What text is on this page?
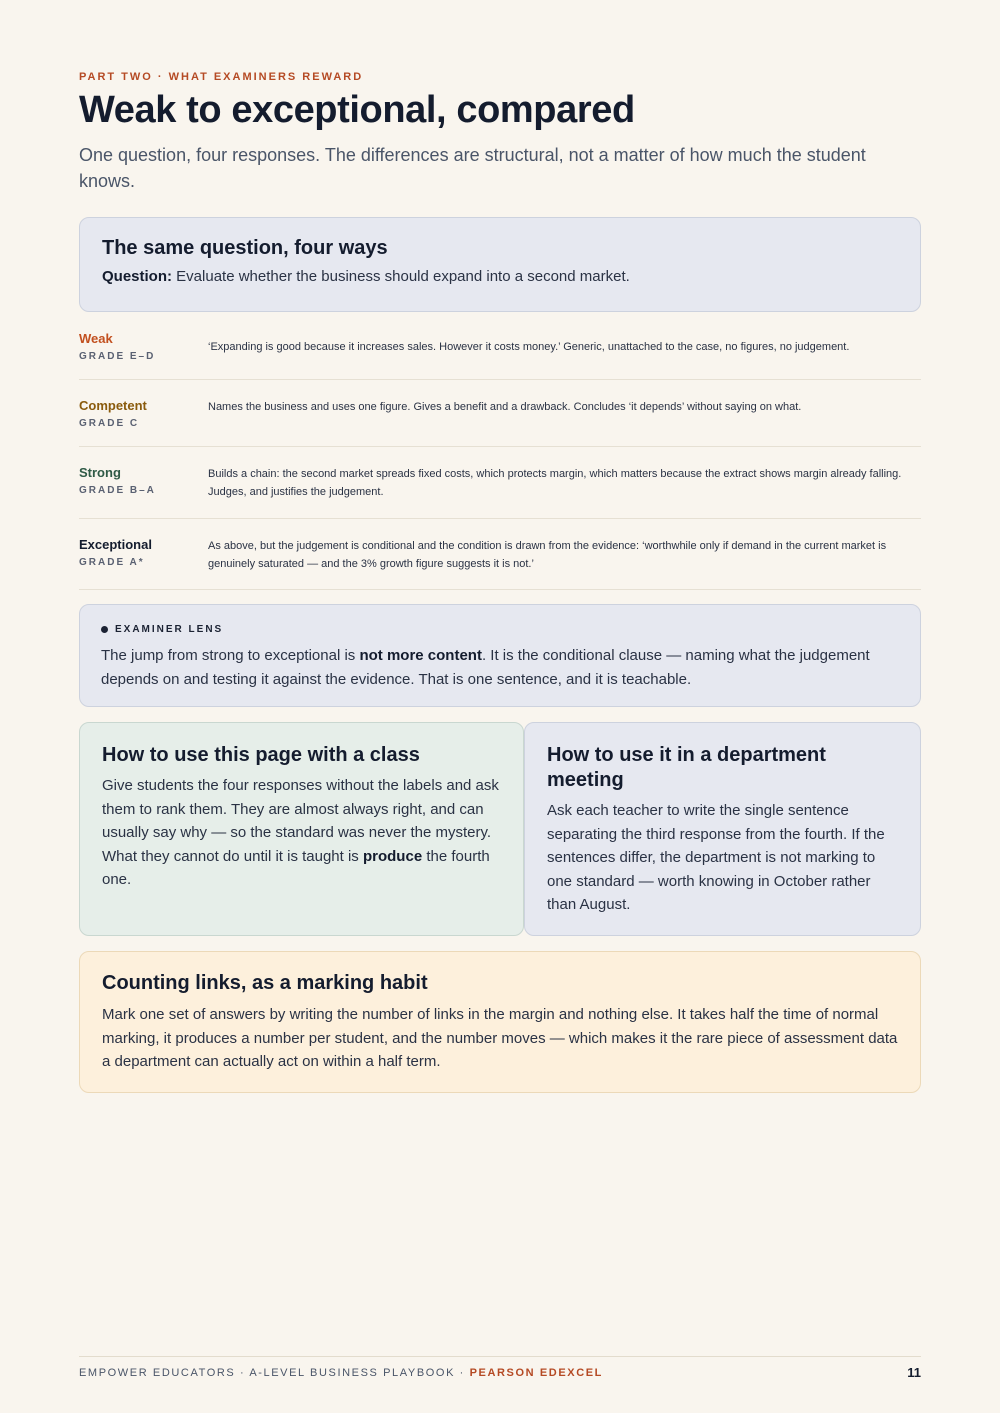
PART TWO · WHAT EXAMINERS REWARD
Weak to exceptional, compared

One question, four responses. The differences are structural, not a matter of how much the student knows.

The same question, four ways

Question: Evaluate whether the business should expand into a second market.

Weak
GRADE E–D
‘Expanding is good because it increases sales. However it costs money.’ Generic, unattached to the case, no figures, no judgement.
Competent
GRADE C
Names the business and uses one figure. Gives a benefit and a drawback. Concludes ‘it depends’ without saying on what.
Strong
GRADE B–A
Builds a chain: the second market spreads fixed costs, which protects margin, which matters because the extract shows margin already falling. Judges, and justifies the judgement.
Exceptional
GRADE A*
As above, but the judgement is conditional and the condition is drawn from the evidence: ‘worthwhile only if demand in the current market is genuinely saturated — and the 3% growth figure suggests it is not.’
EXAMINER LENS

The jump from strong to exceptional is not more content. It is the conditional clause — naming what the judgement depends on and testing it against the evidence. That is one sentence, and it is teachable.

How to use this page with a class

Give students the four responses without the labels and ask them to rank them. They are almost always right, and can usually say why — so the standard was never the mystery. What they cannot do until it is taught is produce the fourth one.

How to use it in a department meeting

Ask each teacher to write the single sentence separating the third response from the fourth. If the sentences differ, the department is not marking to one standard — worth knowing in October rather than August.

Counting links, as a marking habit

Mark one set of answers by writing the number of links in the margin and nothing else. It takes half the time of normal marking, it produces a number per student, and the number moves — which makes it the rare piece of assessment data a department can actually act on within a half term.

EMPOWER EDUCATORS · A-LEVEL BUSINESS PLAYBOOK · PEARSON EDEXCEL	11
